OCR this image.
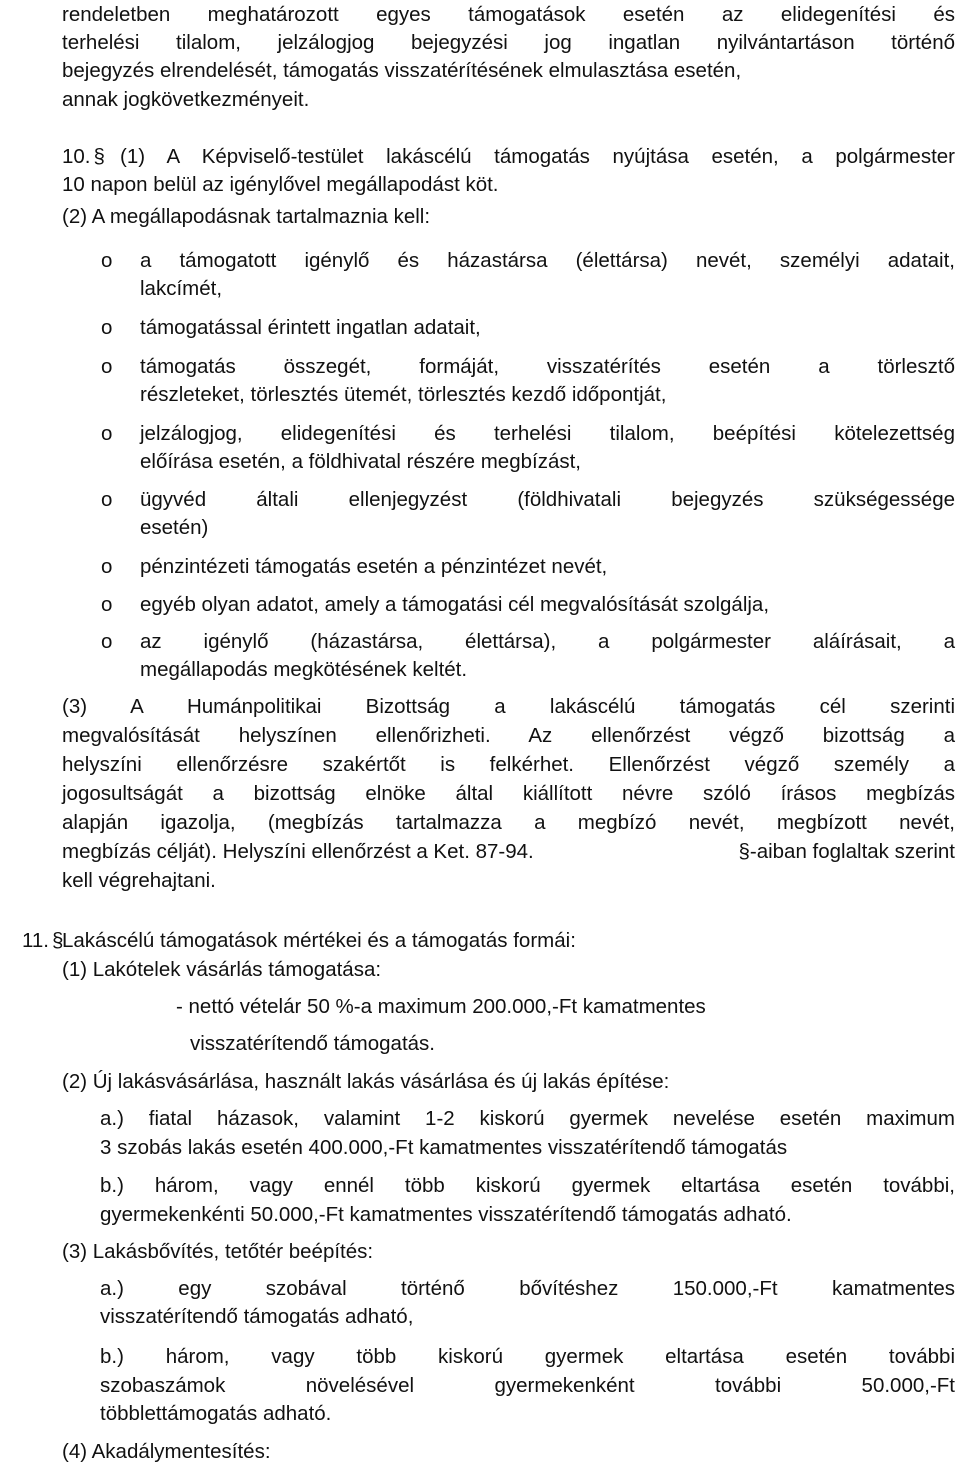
rendeletben meghatározott egyes támogatások esetén az elidegenítési és
terhelési tilalom, jelzálogjog bejegyzési jog ingatlan nyilvántartáson történő
bejegyzés elrendelését, támogatás visszatérítésének elmulasztása esetén,
annak jogkövetkezményeit.
10. § (1) A Képviselő-testület lakáscélú támogatás nyújtása esetén, a polgármester
10 napon belül az igénylővel megállapodást köt.
(2) A megállapodásnak tartalmaznia kell:
o	a támogatott igénylő és házastársa (élettársa) nevét, személyi adatait,
lakcímét,
o	támogatással érintett ingatlan adatait,
o	támogatás összegét, formáját, visszatérítés esetén a törlesztő
részleteket, törlesztés ütemét, törlesztés kezdő időpontját,
o	jelzálogjog, elidegenítési és terhelési tilalom, beépítési kötelezettség
előírása esetén, a földhivatal részére megbízást,
o	ügyvéd általi ellenjegyzést (földhivatali bejegyzés szükségessége
esetén)
o	pénzintézeti támogatás esetén a pénzintézet nevét,
o	egyéb olyan adatot, amely a támogatási cél megvalósítását szolgálja,
o	az igénylő (házastársa, élettársa), a polgármester aláírásait, a
megállapodás megkötésének keltét.
(3) A Humánpolitikai Bizottság a lakáscélú támogatás cél szerinti
megvalósítását helyszínen ellenőrizheti. Az ellenőrzést végző bizottság a
helyszíni ellenőrzésre szakértőt is felkérhet. Ellenőrzést végző személy a
jogosultságát a bizottság elnöke által kiállított névre szóló írásos megbízás
alapján igazolja, (megbízás tartalmazza a megbízó nevét, megbízott nevét,
megbízás célját). Helyszíni ellenőrzést a Ket. 87-94.	§-aiban foglaltak szerint
kell végrehajtani.
11. §
Lakáscélú támogatások mértékei és a támogatás formái:
(1) Lakótelek vásárlás támogatása:
- nettó vételár 50 %-a maximum 200.000,-Ft kamatmentes
visszatérítendő támogatás.
(2) Új lakásvásárlása, használt lakás vásárlása és új lakás építése:
a.) fiatal házasok, valamint 1-2 kiskorú gyermek nevelése esetén maximum
3 szobás lakás esetén 400.000,-Ft kamatmentes visszatérítendő támogatás
b.) három, vagy ennél több kiskorú gyermek eltartása esetén további,
gyermekenkénti 50.000,-Ft kamatmentes visszatérítendő támogatás adható.
(3) Lakásbővítés, tetőtér beépítés:
a.) egy szobával történő bővítéshez 150.000,-Ft kamatmentes
visszatérítendő támogatás adható,
b.) három, vagy több kiskorú gyermek eltartása esetén további
szobaszámok növelésével gyermekenként további 50.000,-Ft
többlettámogatás adható.
(4) Akadálymentesítés:
